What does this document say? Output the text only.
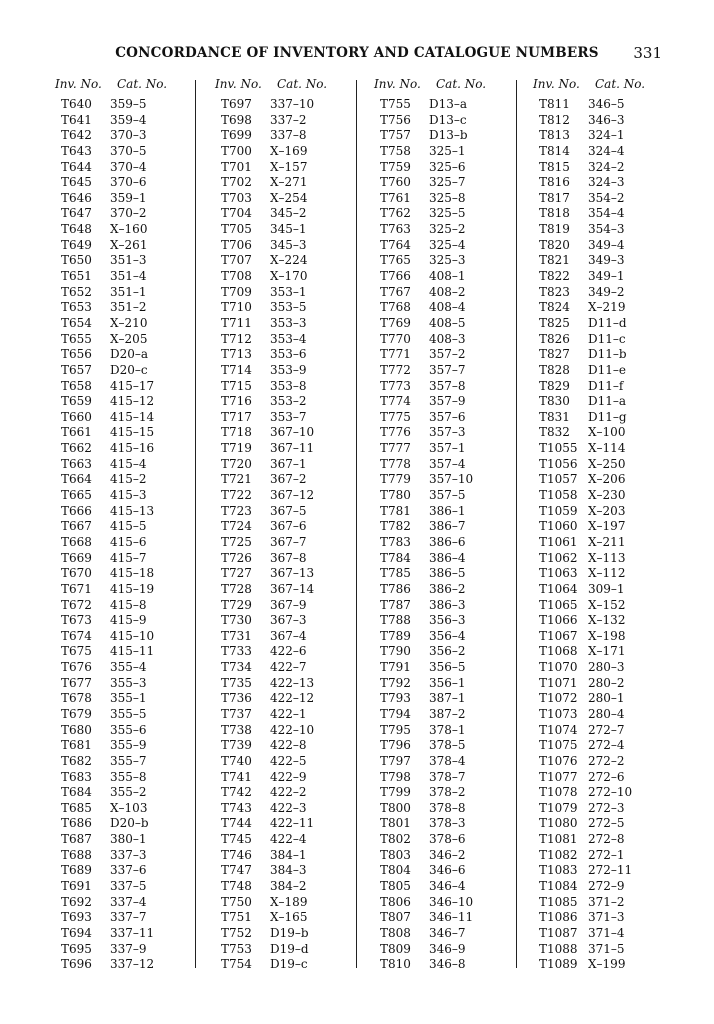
CONCORDANCE OF INVENTORY AND CATALOGUE NUMBERS	331
Inv. No. Cat. No.
T640 359–5
T641 359–4
T642 370–3
T643 370–5
T644 370–4
T645 370–6
T646 359–1
T647 370–2
T648 X–160
T649 X–261
T650 351–3
T651 351–4
T652 351–1
T653 351–2
T654 X–210
T655 X–205
T656 D20–a
T657 D20–c
T658 415–17
T659 415–12
T660 415–14
T661 415–15
T662 415–16
T663 415–4
T664 415–2
T665 415–3
T666 415–13
T667 415–5
T668 415–6
T669 415–7
T670 415–18
T671 415–19
T672 415–8
T673 415–9
T674 415–10
T675 415–11
T676 355–4
T677 355–3
T678 355–1
T679 355–5
T680 355–6
T681 355–9
T682 355–7
T683 355–8
T684 355–2
T685 X–103
T686 D20–b
T687 380–1
T688 337–3
T689 337–6
T691 337–5
T692 337–4
T693 337–7
T694 337–11
T695 337–9
T696 337–12
Inv. No. Cat. No.
T697 337–10
T698 337–2
T699 337–8
T700 X–169
T701 X–157
T702 X–271
T703 X–254
T704 345–2
T705 345–1
T706 345–3
T707 X–224
T708 X–170
T709 353–1
T710 353–5
T711 353–3
T712 353–4
T713 353–6
T714 353–9
T715 353–8
T716 353–2
T717 353–7
T718 367–10
T719 367–11
T720 367–1
T721 367–2
T722 367–12
T723 367–5
T724 367–6
T725 367–7
T726 367–8
T727 367–13
T728 367–14
T729 367–9
T730 367–3
T731 367–4
T733 422–6
T734 422–7
T735 422–13
T736 422–12
T737 422–1
T738 422–10
T739 422–8
T740 422–5
T741 422–9
T742 422–2
T743 422–3
T744 422–11
T745 422–4
T746 384–1
T747 384–3
T748 384–2
T750 X–189
T751 X–165
T752 D19–b
T753 D19–d
T754 D19–c
Inv. No. Cat. No.
T755 D13–a
T756 D13–c
T757 D13–b
T758 325–1
T759 325–6
T760 325–7
T761 325–8
T762 325–5
T763 325–2
T764 325–4
T765 325–3
T766 408–1
T767 408–2
T768 408–4
T769 408–5
T770 408–3
T771 357–2
T772 357–7
T773 357–8
T774 357–9
T775 357–6
T776 357–3
T777 357–1
T778 357–4
T779 357–10
T780 357–5
T781 386–1
T782 386–7
T783 386–6
T784 386–4
T785 386–5
T786 386–2
T787 386–3
T788 356–3
T789 356–4
T790 356–2
T791 356–5
T792 356–1
T793 387–1
T794 387–2
T795 378–1
T796 378–5
T797 378–4
T798 378–7
T799 378–2
T800 378–8
T801 378–3
T802 378–6
T803 346–2
T804 346–6
T805 346–4
T806 346–10
T807 346–11
T808 346–7
T809 346–9
T810 346–8
Inv. No. Cat. No.
T811 346–5
T812 346–3
T813 324–1
T814 324–4
T815 324–2
T816 324–3
T817 354–2
T818 354–4
T819 354–3
T820 349–4
T821 349–3
T822 349–1
T823 349–2
T824 X–219
T825 D11–d
T826 D11–c
T827 D11–b
T828 D11–e
T829 D11–f
T830 D11–a
T831 D11–g
T832 X–100
T1055 X–114
T1056 X–250
T1057 X–206
T1058 X–230
T1059 X–203
T1060 X–197
T1061 X–211
T1062 X–113
T1063 X–112
T1064 309–1
T1065 X–152
T1066 X–132
T1067 X–198
T1068 X–171
T1070 280–3
T1071 280–2
T1072 280–1
T1073 280–4
T1074 272–7
T1075 272–4
T1076 272–2
T1077 272–6
T1078 272–10
T1079 272–3
T1080 272–5
T1081 272–8
T1082 272–1
T1083 272–11
T1084 272–9
T1085 371–2
T1086 371–3
T1087 371–4
T1088 371–5
T1089 X–199
